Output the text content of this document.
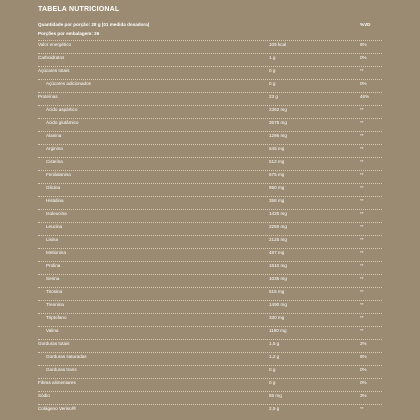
TABELA NUTRICIONAL
Quantidade por porção: 28 g (01 medida dosadora)	%VD
Porções por embalagem: 26
Valor energético	109 kcal	6%
Carboidratos	1 g	0%
Açúcares totais	0 g	**
Açúcares adicionados	0 g	0%
Proteínas	23 g	46%
Ácido aspártico	2362 mg	**
Ácido glutâmico	3675 mg	**
Alanina	1295 mg	**
Arginina	645 mg	**
Cisteína	512 mg	**
Fenilalanina	675 mg	**
Glicina	950 mg	**
Histidina	358 mg	**
Isoleucina	1425 mg	**
Leucina	2250 mg	**
Lisina	2125 mg	**
Metionina	487 mg	**
Prolina	1610 mg	**
Serina	1035 mg	**
Tirosina	615 mg	**
Treonina	1490 mg	**
Triptofano	330 mg	**
Valina	1190 mg	**
Gorduras totais	1,5 g	2%
Gorduras saturadas	1,2 g	6%
Gorduras trans	0 g	0%
Fibras alimentares	0 g	0%
Sódio	55 mg	3%
Colágeno Verisol®	2,5 g	**
